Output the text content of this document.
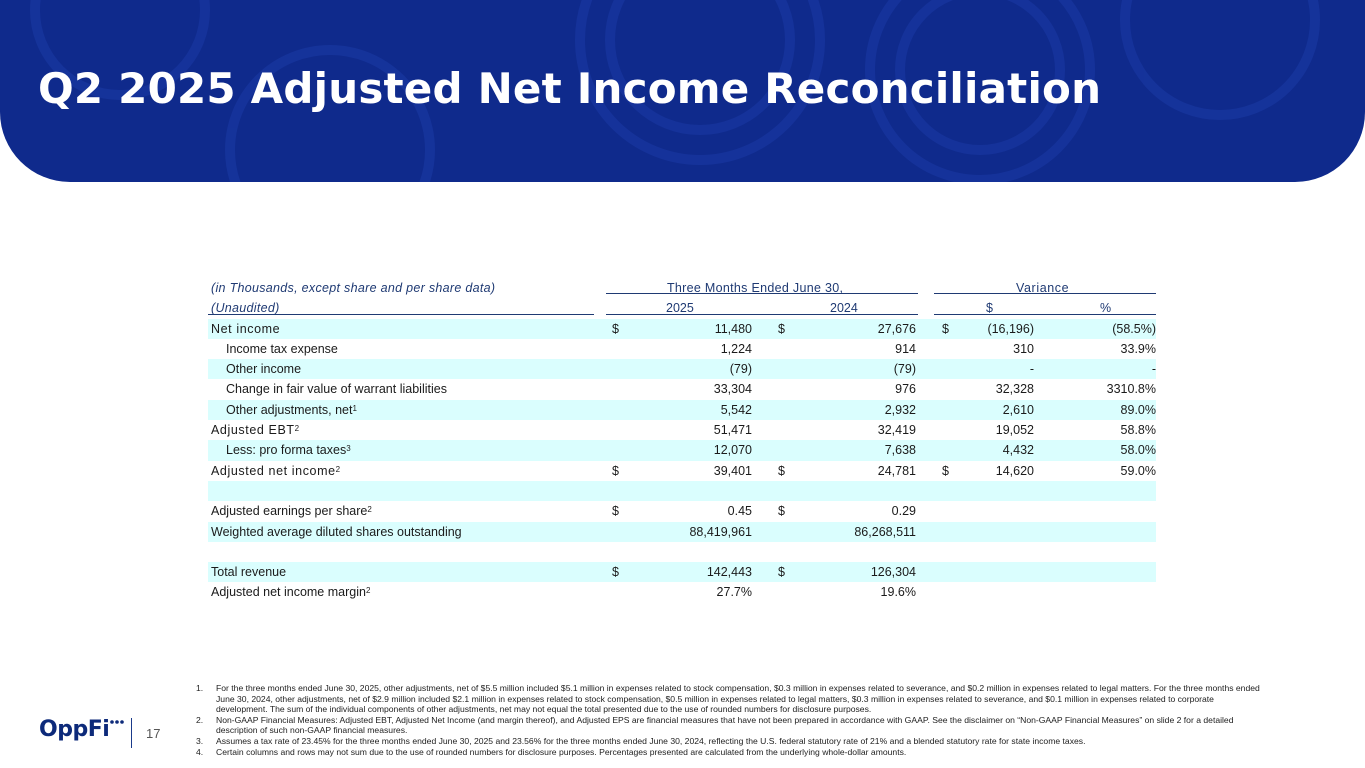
Q2 2025 Adjusted Net Income Reconciliation
(in Thousands, except share and per share data)	Three Months Ended June 30,	Variance
(Unaudited)	2025	2024	$	%
Net income	$	11,480 $	27,676 $	(16,196)	(58.5%)
Income tax expense	1,224	914	310	33.9%
Other income	(79)	(79)	-	-
Change in fair value of warrant liabilities	33,304	976	32,328	3310.8%
Other adjustments, net$^1$	5,542	2,932	2,610	89.0%
Adjusted EBT$^2$	51,471	32,419	19,052	58.8%
Less: pro forma taxes$^3$	12,070	7,638	4,432	58.0%
Adjusted net income$^2$	$	39,401 $	24,781 $	14,620	59.0%
Adjusted earnings per share$^2$	$	0.45 $	0.29
Weighted average diluted shares outstanding	88,419,961	86,268,511
Total revenue	$	142,443 $	126,304
Adjusted net income margin$^2$	27.7%	19.6%
1. For the three months ended June 30, 2025, other adjustments, net of $5.5 million included $5.1 million in expenses related to stock compensation, $0.3 million in expenses related to severance, and $0.2 million in expenses related to legal matters. For the three months ended June 30, 2024, other adjustments, net of $2.9 million included $2.1 million in expenses related to stock compensation, $0.5 million in expenses related to legal matters, $0.3 million in expenses related to severance, and $0.1 million in expenses related to corporate development. The sum of the individual components of other adjustments, net may not equal the total presented due to the use of rounded numbers for disclosure purposes.
2. Non-GAAP Financial Measures: Adjusted EBT, Adjusted Net Income (and margin thereof), and Adjusted EPS are financial measures that have not been prepared in accordance with GAAP. See the disclaimer on “Non-GAAP Financial Measures” on slide 2 for a detailed description of such non-GAAP financial measures.
3. Assumes a tax rate of 23.45% for the three months ended June 30, 2025 and 23.56% for the three months ended June 30, 2024, reflecting the U.S. federal statutory rate of 21% and a blended statutory rate for state income taxes.
4. Certain columns and rows may not sum due to the use of rounded numbers for disclosure purposes. Percentages presented are calculated from the underlying whole-dollar amounts.
OppFi	17
